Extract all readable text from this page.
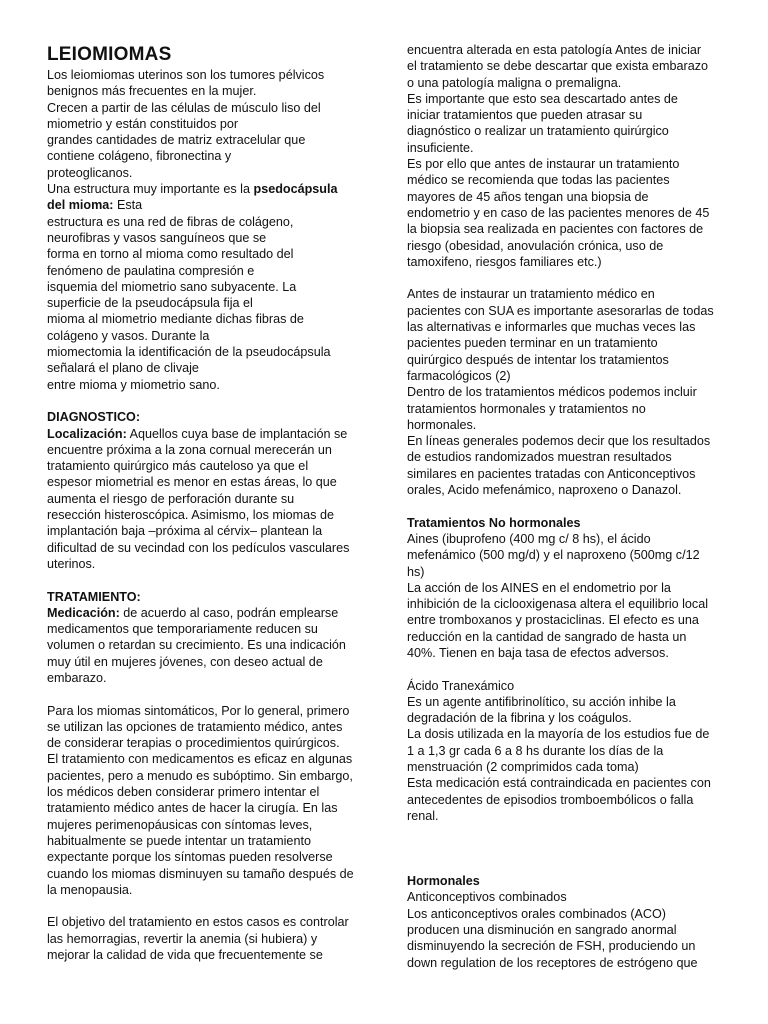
LEIOMIOMAS
Los leiomiomas uterinos son los tumores pélvicos
benignos más frecuentes en la mujer.
Crecen a partir de las células de músculo liso del
miometrio y están constituidos por
grandes cantidades de matriz extracelular que
contiene colágeno, fibronectina y
proteoglicanos.
Una estructura muy importante es la psedocápsula
del mioma: Esta
estructura es una red de fibras de colágeno,
neurofibras y vasos sanguíneos que se
forma en torno al mioma como resultado del
fenómeno de paulatina compresión e
isquemia del miometrio sano subyacente. La
superficie de la pseudocápsula fija el
mioma al miometrio mediante dichas fibras de
colágeno y vasos. Durante la
miomectomia la identificación de la pseudocápsula
señalará el plano de clivaje
entre mioma y miometrio sano.
DIAGNOSTICO:
Localización: Aquellos cuya base de implantación se
encuentre próxima a la zona cornual merecerán un
tratamiento quirúrgico más cauteloso ya que el
espesor miometrial es menor en estas áreas, lo que
aumenta el riesgo de perforación durante su
resección histeroscópica. Asimismo, los miomas de
implantación baja –próxima al cérvix– plantean la
dificultad de su vecindad con los pedículos vasculares
uterinos.
TRATAMIENTO:
Medicación: de acuerdo al caso, podrán emplearse
medicamentos que temporariamente reducen su
volumen o retardan su crecimiento. Es una indicación
muy útil en mujeres jóvenes, con deseo actual de
embarazo.
Para los miomas sintomáticos, Por lo general, primero
se utilizan las opciones de tratamiento médico, antes
de considerar terapias o procedimientos quirúrgicos.
El tratamiento con medicamentos es eficaz en algunas
pacientes, pero a menudo es subóptimo. Sin embargo,
los médicos deben considerar primero intentar el
tratamiento médico antes de hacer la cirugía. En las
mujeres perimenopáusicas con síntomas leves,
habitualmente se puede intentar un tratamiento
expectante porque los síntomas pueden resolverse
cuando los miomas disminuyen su tamaño después de
la menopausia.
El objetivo del tratamiento en estos casos es controlar
las hemorragias, revertir la anemia (si hubiera) y
mejorar la calidad de vida que frecuentemente se
encuentra alterada en esta patología Antes de iniciar
el tratamiento se debe descartar que exista embarazo
o una patología maligna o premaligna.
Es importante que esto sea descartado antes de
iniciar tratamientos que pueden atrasar su
diagnóstico o realizar un tratamiento quirúrgico
insuficiente.
Es por ello que antes de instaurar un tratamiento
médico se recomienda que todas las pacientes
mayores de 45 años tengan una biopsia de
endometrio y en caso de las pacientes menores de 45
la biopsia sea realizada en pacientes con factores de
riesgo (obesidad, anovulación crónica, uso de
tamoxifeno, riesgos familiares etc.)
Antes de instaurar un tratamiento médico en
pacientes con SUA es importante asesorarlas de todas
las alternativas e informarles que muchas veces las
pacientes pueden terminar en un tratamiento
quirúrgico después de intentar los tratamientos
farmacológicos (2)
Dentro de los tratamientos médicos podemos incluir
tratamientos hormonales y tratamientos no
hormonales.
En líneas generales podemos decir que los resultados
de estudios randomizados muestran resultados
similares en pacientes tratadas con Anticonceptivos
orales, Acido mefenámico, naproxeno o Danazol.
Tratamientos No hormonales
Aines (ibuprofeno (400 mg c/ 8 hs), el ácido
mefenámico (500 mg/d) y el naproxeno (500mg c/12
hs)
La acción de los AINES en el endometrio por la
inhibición de la ciclooxigenasa altera el equilibrio local
entre tromboxanos y prostaciclinas. El efecto es una
reducción en la cantidad de sangrado de hasta un
40%. Tienen en baja tasa de efectos adversos.
Ácido Tranexámico
Es un agente antifibrinolítico, su acción inhibe la
degradación de la fibrina y los coágulos.
La dosis utilizada en la mayoría de los estudios fue de
1 a 1,3 gr cada 6 a 8 hs durante los días de la
menstruación (2 comprimidos cada toma)
Esta medicación está contraindicada en pacientes con
antecedentes de episodios tromboembólicos o falla
renal.
Hormonales
Anticonceptivos combinados
Los anticonceptivos orales combinados (ACO)
producen una disminución en sangrado anormal
disminuyendo la secreción de FSH, produciendo un
down regulation de los receptores de estrógeno que
